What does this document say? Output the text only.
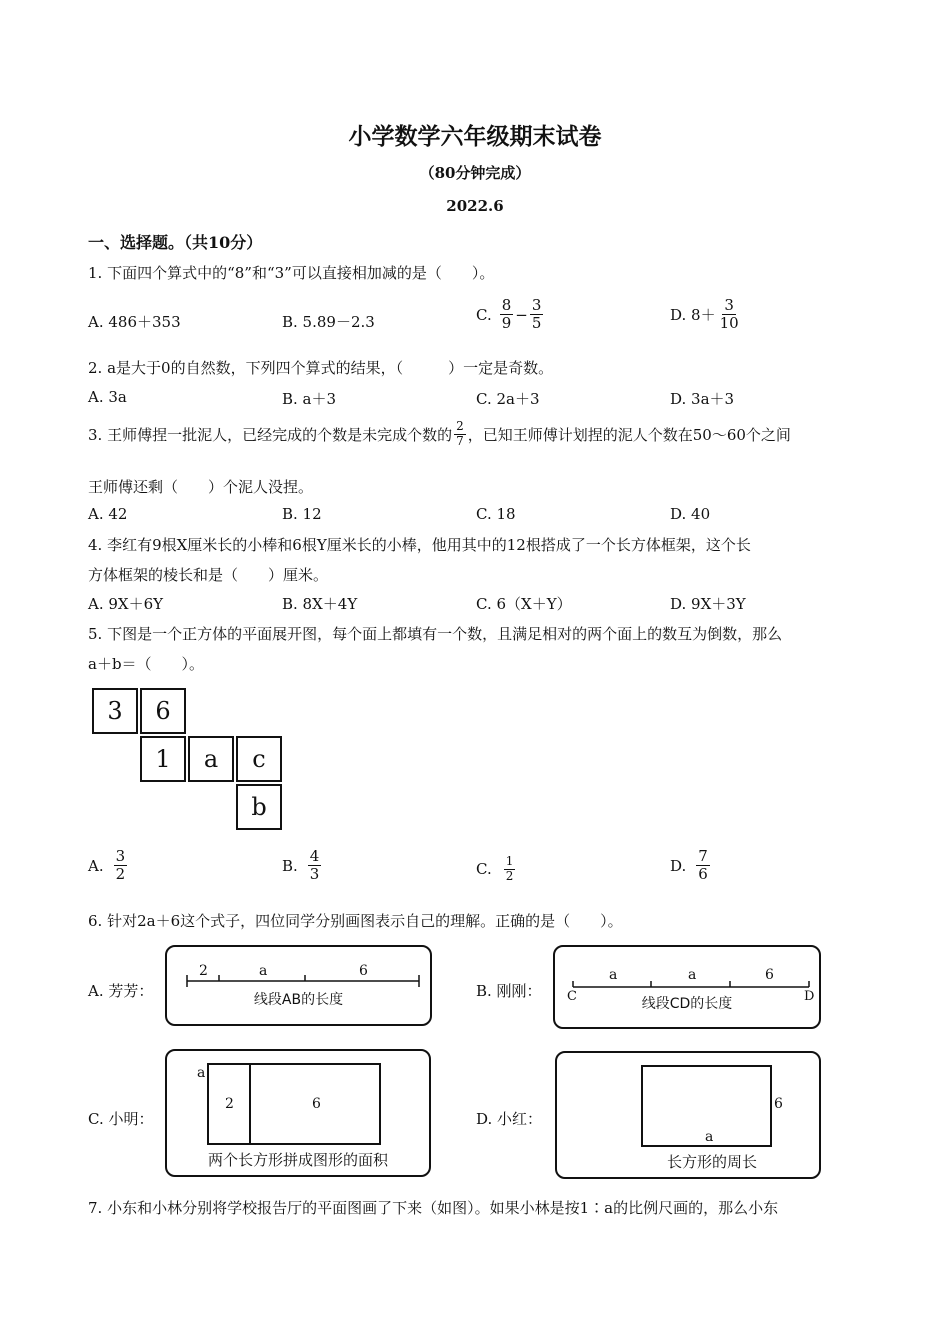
小学数学六年级期末试卷
（80分钟完成）
2022.6
一、选择题。（共10分）
1. 下面四个算式中的“8”和“3”可以直接相加减的是（　　）。
A. 486＋353	B. 5.89－2.3	C. $\frac{8}{9} - \frac{3}{5}$	D. $8+ \frac{3}{10}$
2. a是大于0的自然数，下列四个算式的结果，（　　　）一定是奇数。
A. 3a	B. a＋3	C. 2a＋3	D. 3a＋3
3. 王师傅捏一批泥人，已经完成的个数是未完成个数的 $\frac{2}{7}$ ，已知王师傅计划捏的泥人个数在50～60个之间
王师傅还剩（　　）个泥人没捏。
A. 42	B. 12	C. 18	D. 40
4. 李红有9根X厘米长的小棒和6根Y厘米长的小棒，他用其中的12根搭成了一个长方体框架，这个长
方体框架的棱长和是（　　）厘米。
A. 9X＋6Y	B. 8X＋4Y	C. 6（X＋Y）	D. 9X＋3Y
5. 下图是一个正方体的平面展开图，每个面上都填有一个数，且满足相对的两个面上的数互为倒数，那么
a＋b＝（　　）。
3	6
1	a	c
b
A. $\frac{3}{2}$	B. $\frac{4}{3}$	C. $\frac{1}{2}$	D. $\frac{7}{6}$
6. 针对2a＋6这个式子，四位同学分别画图表示自己的理解。正确的是（　　）。
A. 芳芳：
2	a	6
线段AB的长度	B. 刚刚：
a	a	6
C	D
线段CD的长度
C. 小明：
a
2	6
两个长方形拼成图形的面积
D. 小红：
6
a
长方形的周长
7. 小东和小林分别将学校报告厅的平面图画了下来（如图）。如果小林是按1∶a的比例尺画的，那么小东
